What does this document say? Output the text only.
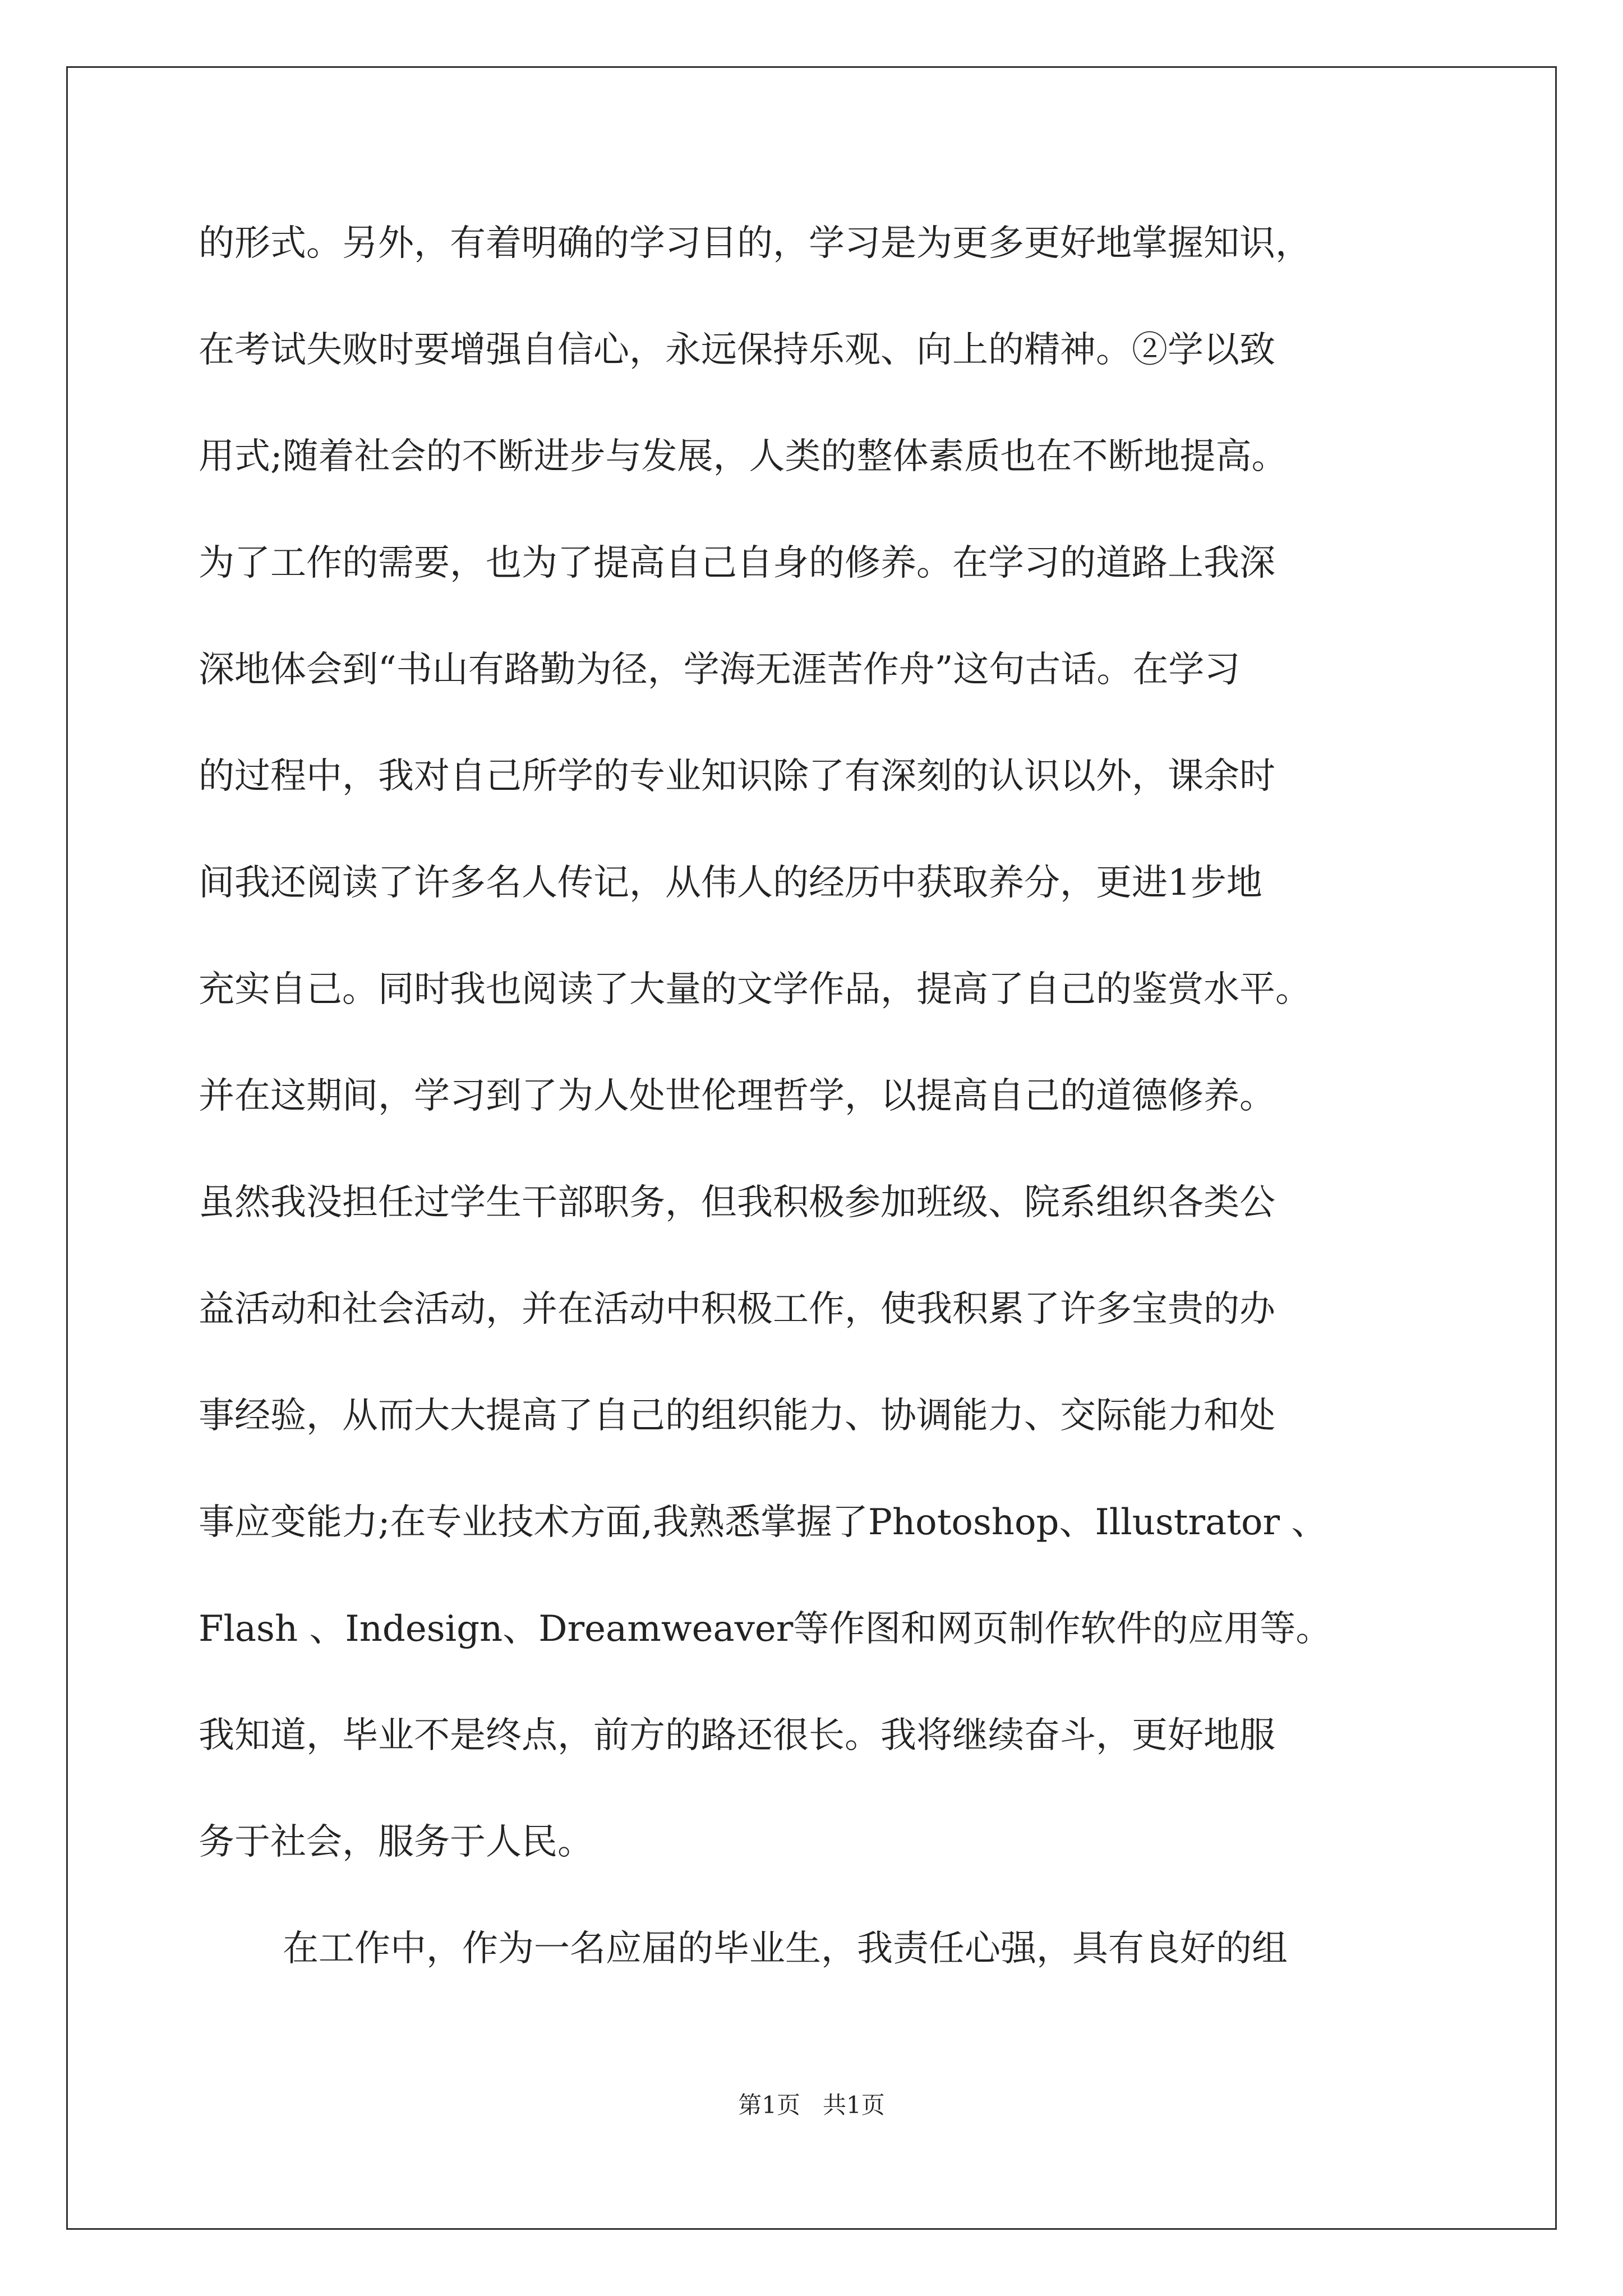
的形式。另外，有着明确的学习目的，学习是为更多更好地掌握知识，
在考试失败时要增强自信心，永远保持乐观、向上的精神。②学以致
用式;随着社会的不断进步与发展，人类的整体素质也在不断地提高。
为了工作的需要，也为了提高自己自身的修养。在学习的道路上我深
深地体会到“书山有路勤为径，学海无涯苦作舟”这句古话。在学习
的过程中，我对自己所学的专业知识除了有深刻的认识以外，课余时
间我还阅读了许多名人传记，从伟人的经历中获取养分，更进1步地
充实自己。同时我也阅读了大量的文学作品，提高了自己的鉴赏水平。
并在这期间，学习到了为人处世伦理哲学，以提高自己的道德修养。
虽然我没担任过学生干部职务，但我积极参加班级、院系组织各类公
益活动和社会活动，并在活动中积极工作，使我积累了许多宝贵的办
事经验，从而大大提高了自己的组织能力、协调能力、交际能力和处
事应变能力;在专业技术方面,我熟悉掌握了Photoshop、Illustrator 、
Flash 、Indesign、Dreamweaver等作图和网页制作软件的应用等。
我知道，毕业不是终点，前方的路还很长。我将继续奋斗，更好地服
务于社会，服务于人民。
在工作中，作为一名应届的毕业生，我责任心强，具有良好的组
第1页   共1页
